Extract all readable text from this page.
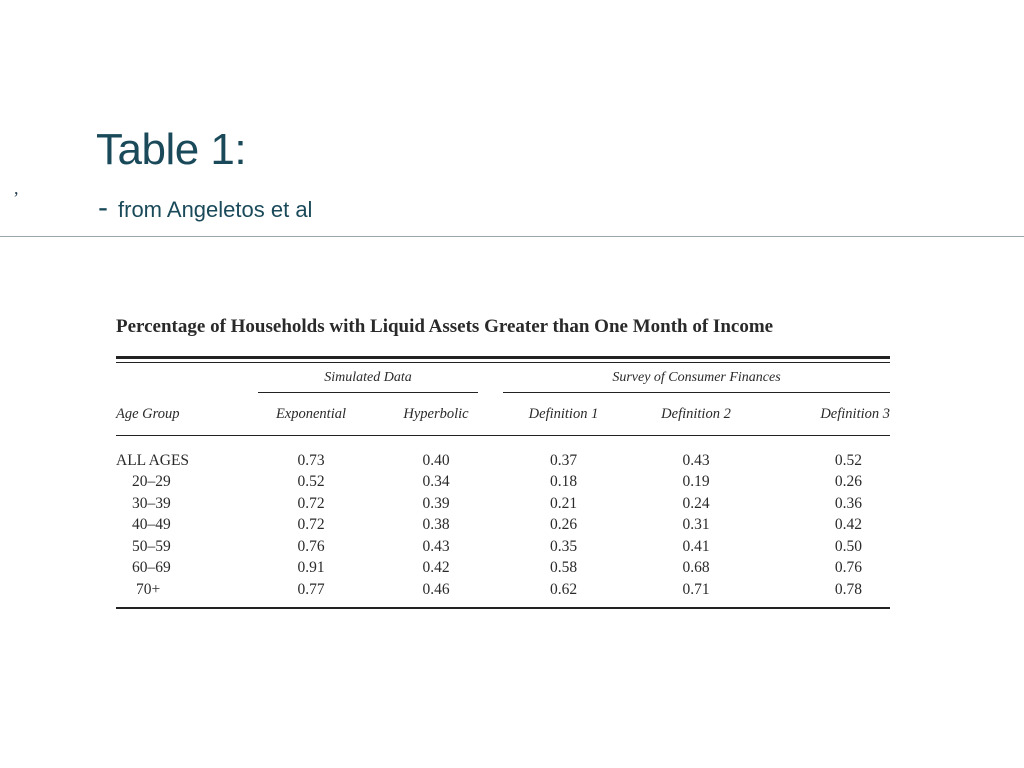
,
Table 1:
- from Angeletos et al
Percentage of Households with Liquid Assets Greater than One Month of Income

	Simulated Data			Survey of Consumer Finances	

Age Group	Exponential	Hyperbolic	Definition 1	Definition 2	Definition 3

ALL AGES	0.73	0.40	0.37	0.43	0.52
20–29	0.52	0.34	0.18	0.19	0.26
30–39	0.72	0.39	0.21	0.24	0.36
40–49	0.72	0.38	0.26	0.31	0.42
50–59	0.76	0.43	0.35	0.41	0.50
60–69	0.91	0.42	0.58	0.68	0.76
70+	0.77	0.46	0.62	0.71	0.78
